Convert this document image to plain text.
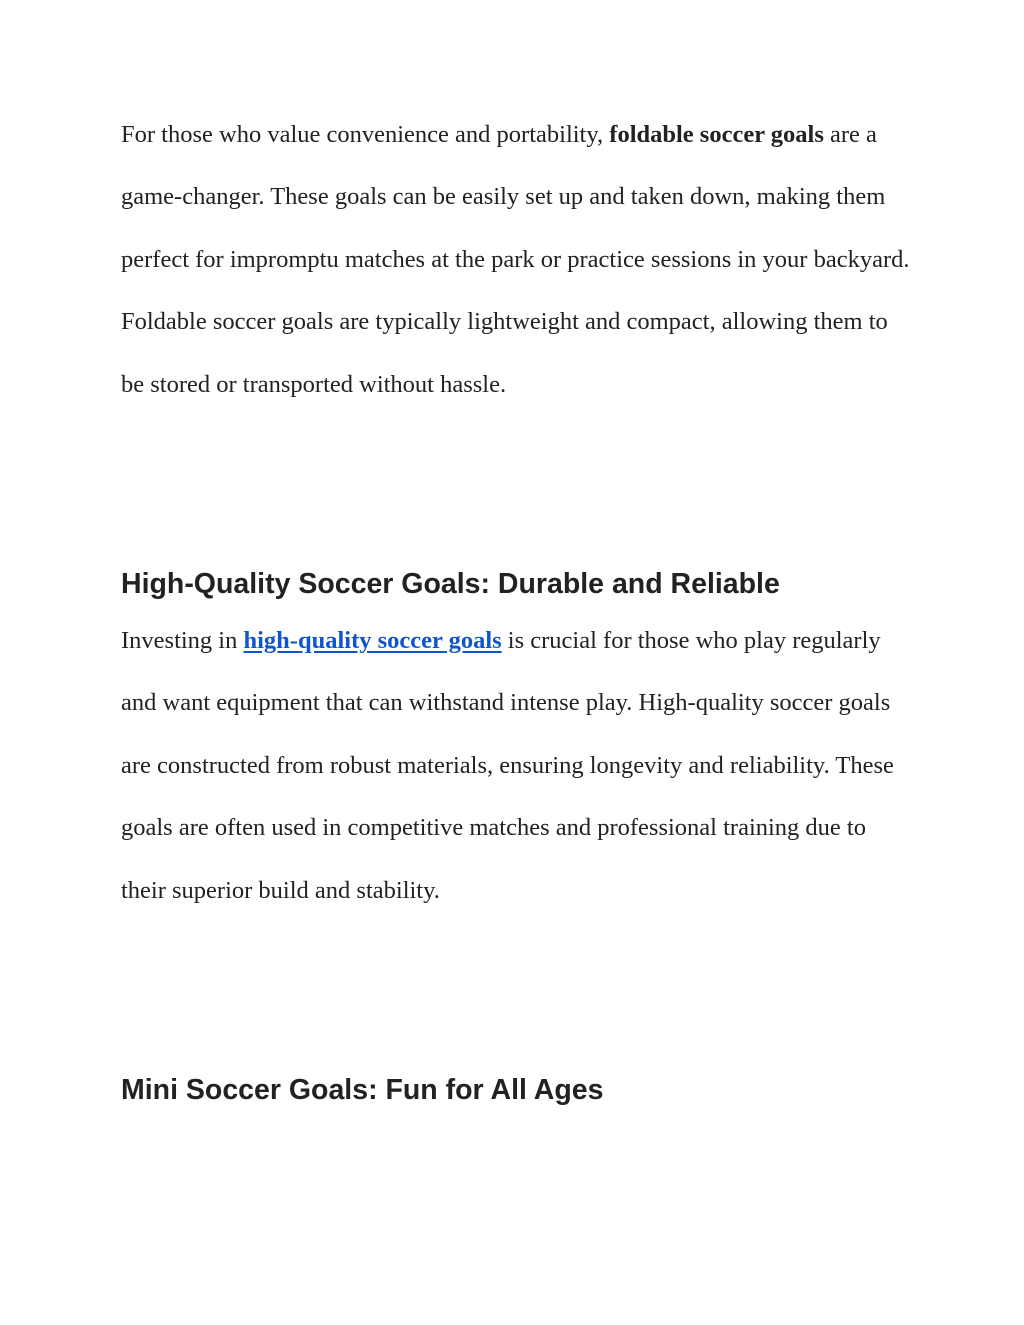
For those who value convenience and portability, foldable soccer goals are a game-changer. These goals can be easily set up and taken down, making them perfect for impromptu matches at the park or practice sessions in your backyard. Foldable soccer goals are typically lightweight and compact, allowing them to be stored or transported without hassle.

High-Quality Soccer Goals: Durable and Reliable

Investing in high-quality soccer goals is crucial for those who play regularly and want equipment that can withstand intense play. High-quality soccer goals are constructed from robust materials, ensuring longevity and reliability. These goals are often used in competitive matches and professional training due to their superior build and stability.

Mini Soccer Goals: Fun for All Ages
